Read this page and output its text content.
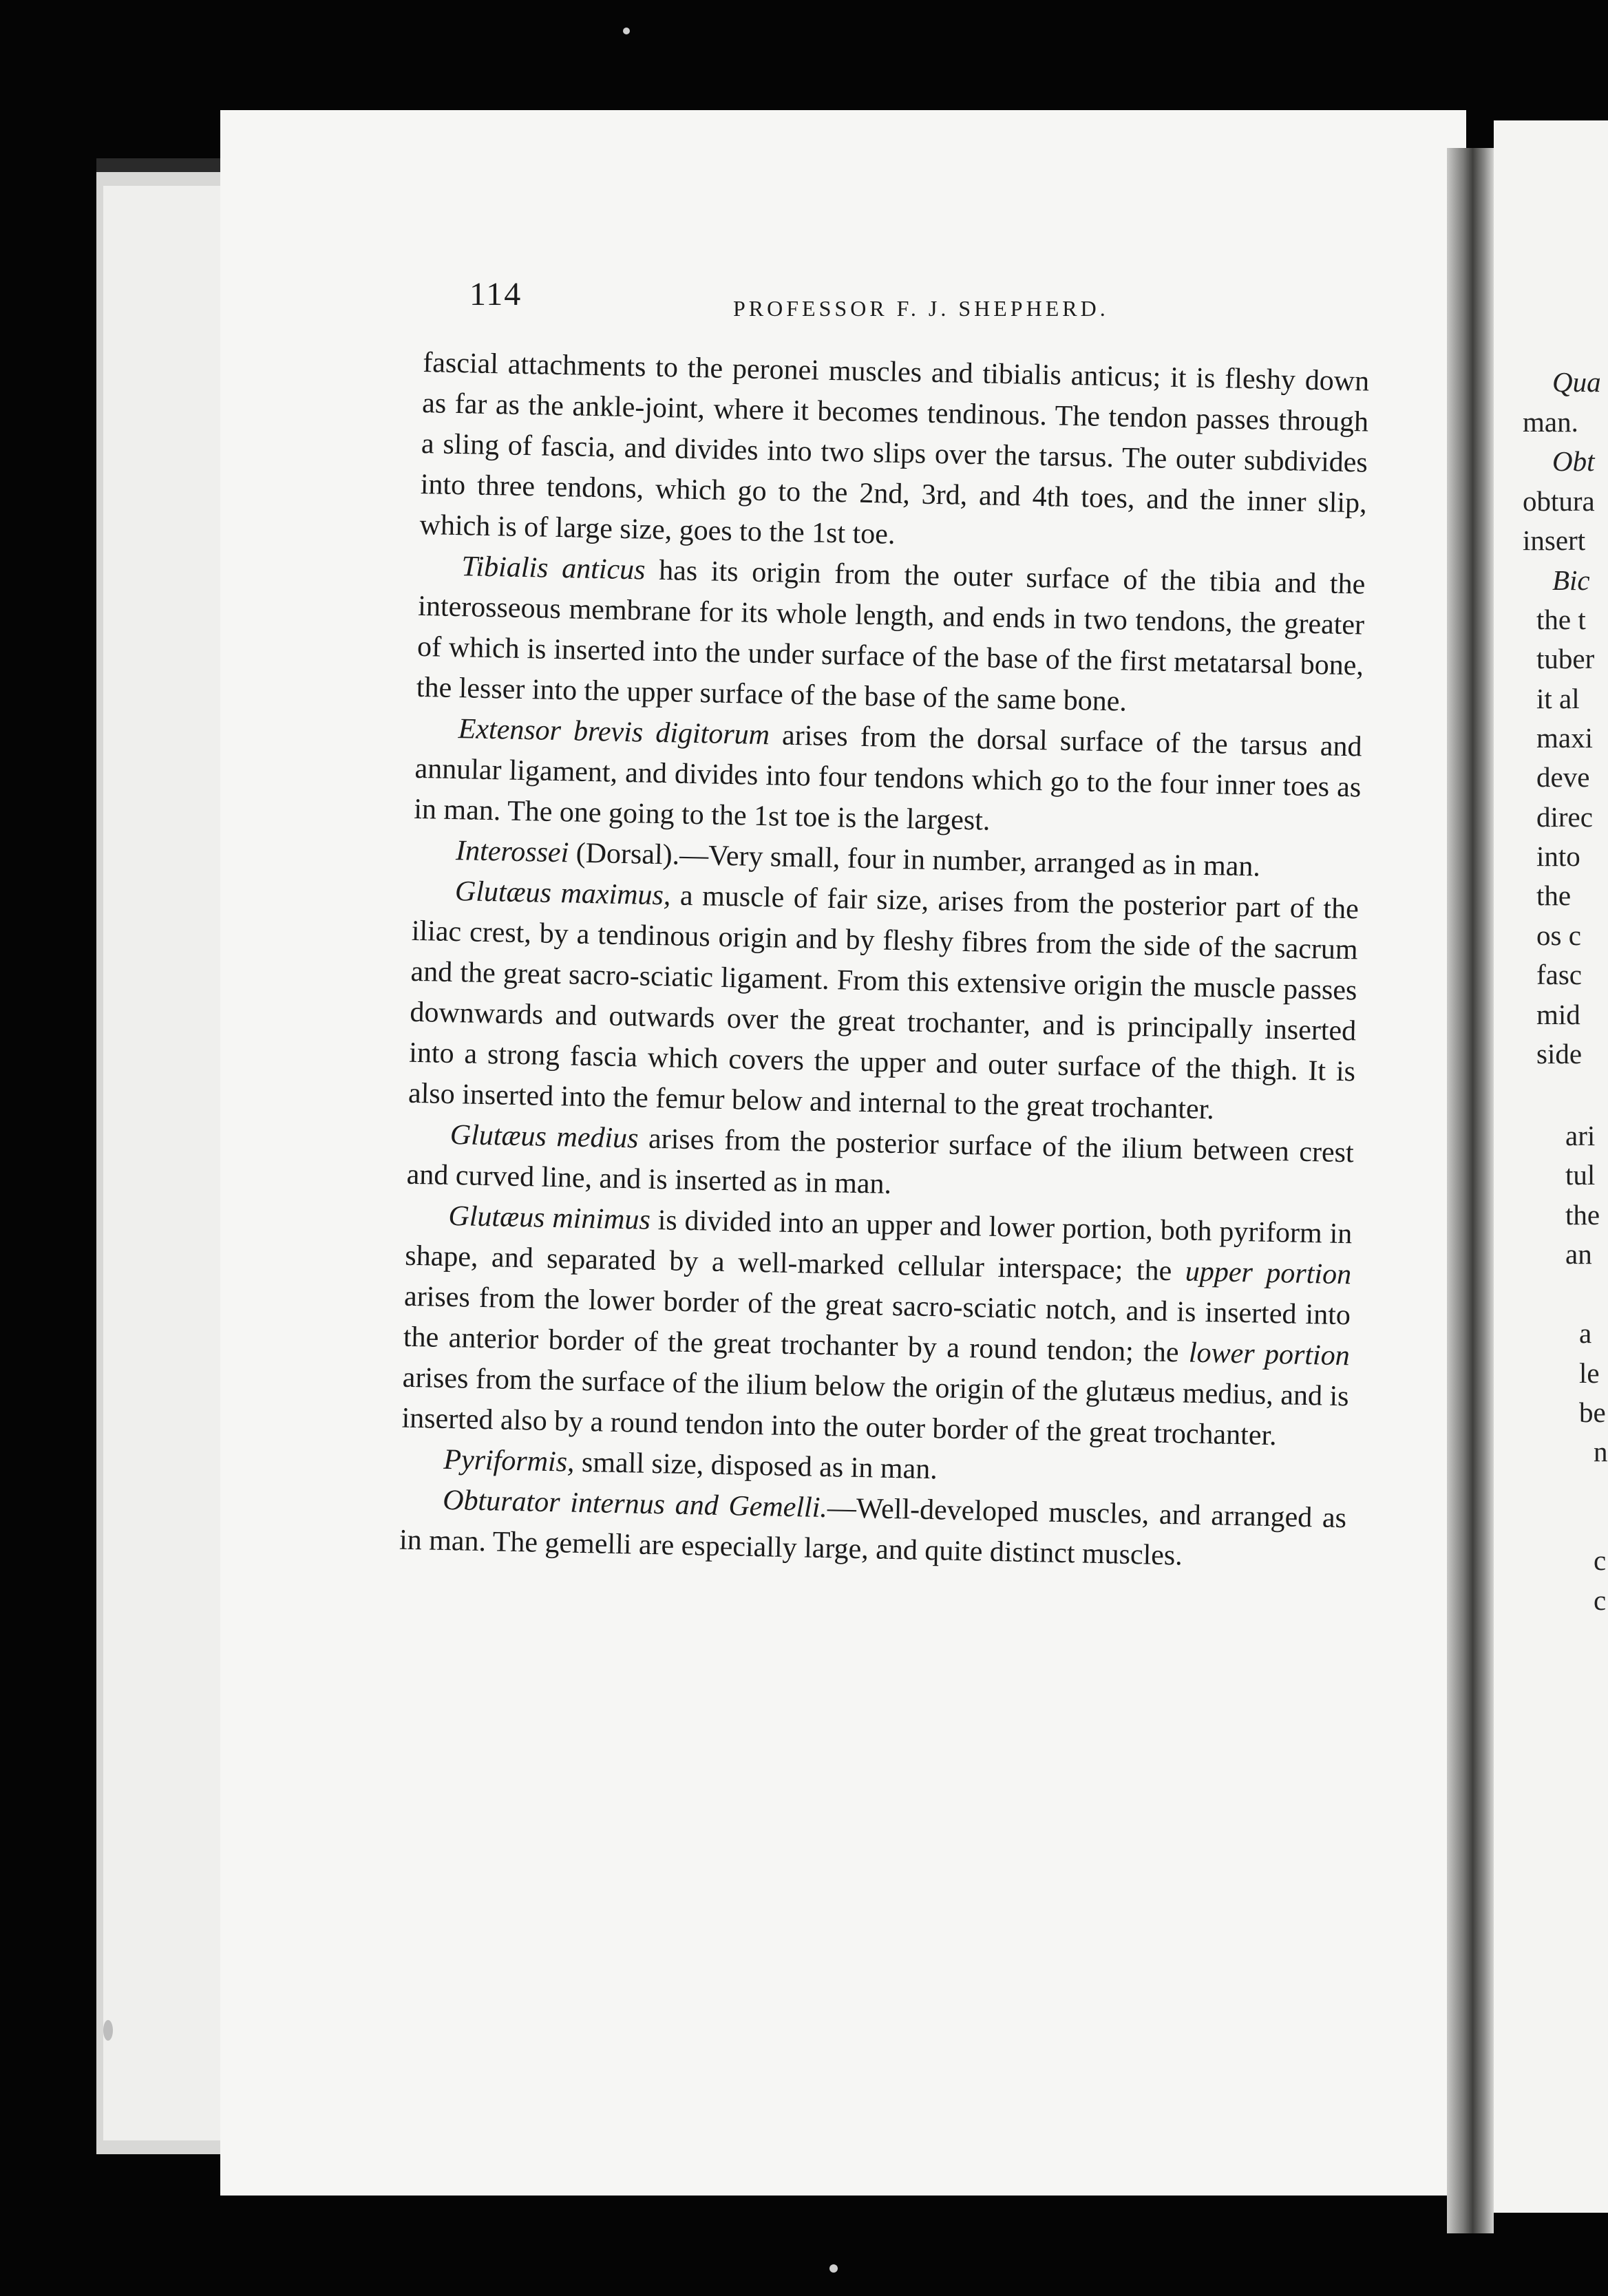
Qua
man.
Obt
obtura
insert
Bic
the t
tuber
it al
maxi
deve
direc
into
the
os c
fasc
mid
side
ari
tul
the
an
a
le
be
n
c
c
114	PROFESSOR F. J. SHEPHERD.

fascial attachments to the peronei muscles and tibialis anticus; it is fleshy down as far as the ankle-joint, where it becomes tendinous. The tendon passes through a sling of fascia, and divides into two slips over the tarsus. The outer subdivides into three tendons, which go to the 2nd, 3rd, and 4th toes, and the inner slip, which is of large size, goes to the 1st toe.

Tibialis anticus has its origin from the outer surface of the tibia and the interosseous membrane for its whole length, and ends in two tendons, the greater of which is inserted into the under surface of the base of the first metatarsal bone, the lesser into the upper surface of the base of the same bone.

Extensor brevis digitorum arises from the dorsal surface of the tarsus and annular ligament, and divides into four tendons which go to the four inner toes as in man. The one going to the 1st toe is the largest.

Interossei (Dorsal).—Very small, four in number, arranged as in man.

Glutæus maximus, a muscle of fair size, arises from the posterior part of the iliac crest, by a tendinous origin and by fleshy fibres from the side of the sacrum and the great sacro-sciatic ligament. From this extensive origin the muscle passes downwards and outwards over the great trochanter, and is principally inserted into a strong fascia which covers the upper and outer surface of the thigh. It is also inserted into the femur below and internal to the great trochanter.

Glutæus medius arises from the posterior surface of the ilium between crest and curved line, and is inserted as in man.

Glutæus minimus is divided into an upper and lower portion, both pyriform in shape, and separated by a well-marked cellular interspace; the upper portion arises from the lower border of the great sacro-sciatic notch, and is inserted into the anterior border of the great trochanter by a round tendon; the lower portion arises from the surface of the ilium below the origin of the glutæus medius, and is inserted also by a round tendon into the outer border of the great trochanter.

Pyriformis, small size, disposed as in man.

Obturator internus and Gemelli.—Well-developed muscles, and arranged as in man. The gemelli are especially large, and quite distinct muscles.
